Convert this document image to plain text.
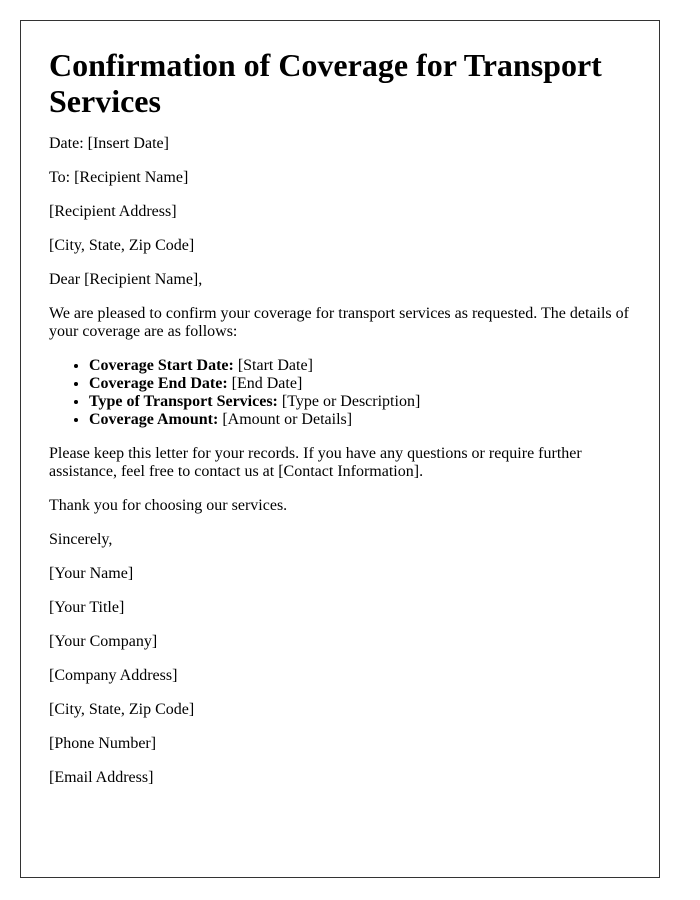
Confirmation of Coverage for Transport Services

Date: [Insert Date]

To: [Recipient Name]

[Recipient Address]

[City, State, Zip Code]

Dear [Recipient Name],

We are pleased to confirm your coverage for transport services as requested. The details of your coverage are as follows:

• Coverage Start Date: [Start Date]
• Coverage End Date: [End Date]
• Type of Transport Services: [Type or Description]
• Coverage Amount: [Amount or Details]

Please keep this letter for your records. If you have any questions or require further assistance, feel free to contact us at [Contact Information].

Thank you for choosing our services.

Sincerely,

[Your Name]

[Your Title]

[Your Company]

[Company Address]

[City, State, Zip Code]

[Phone Number]

[Email Address]
